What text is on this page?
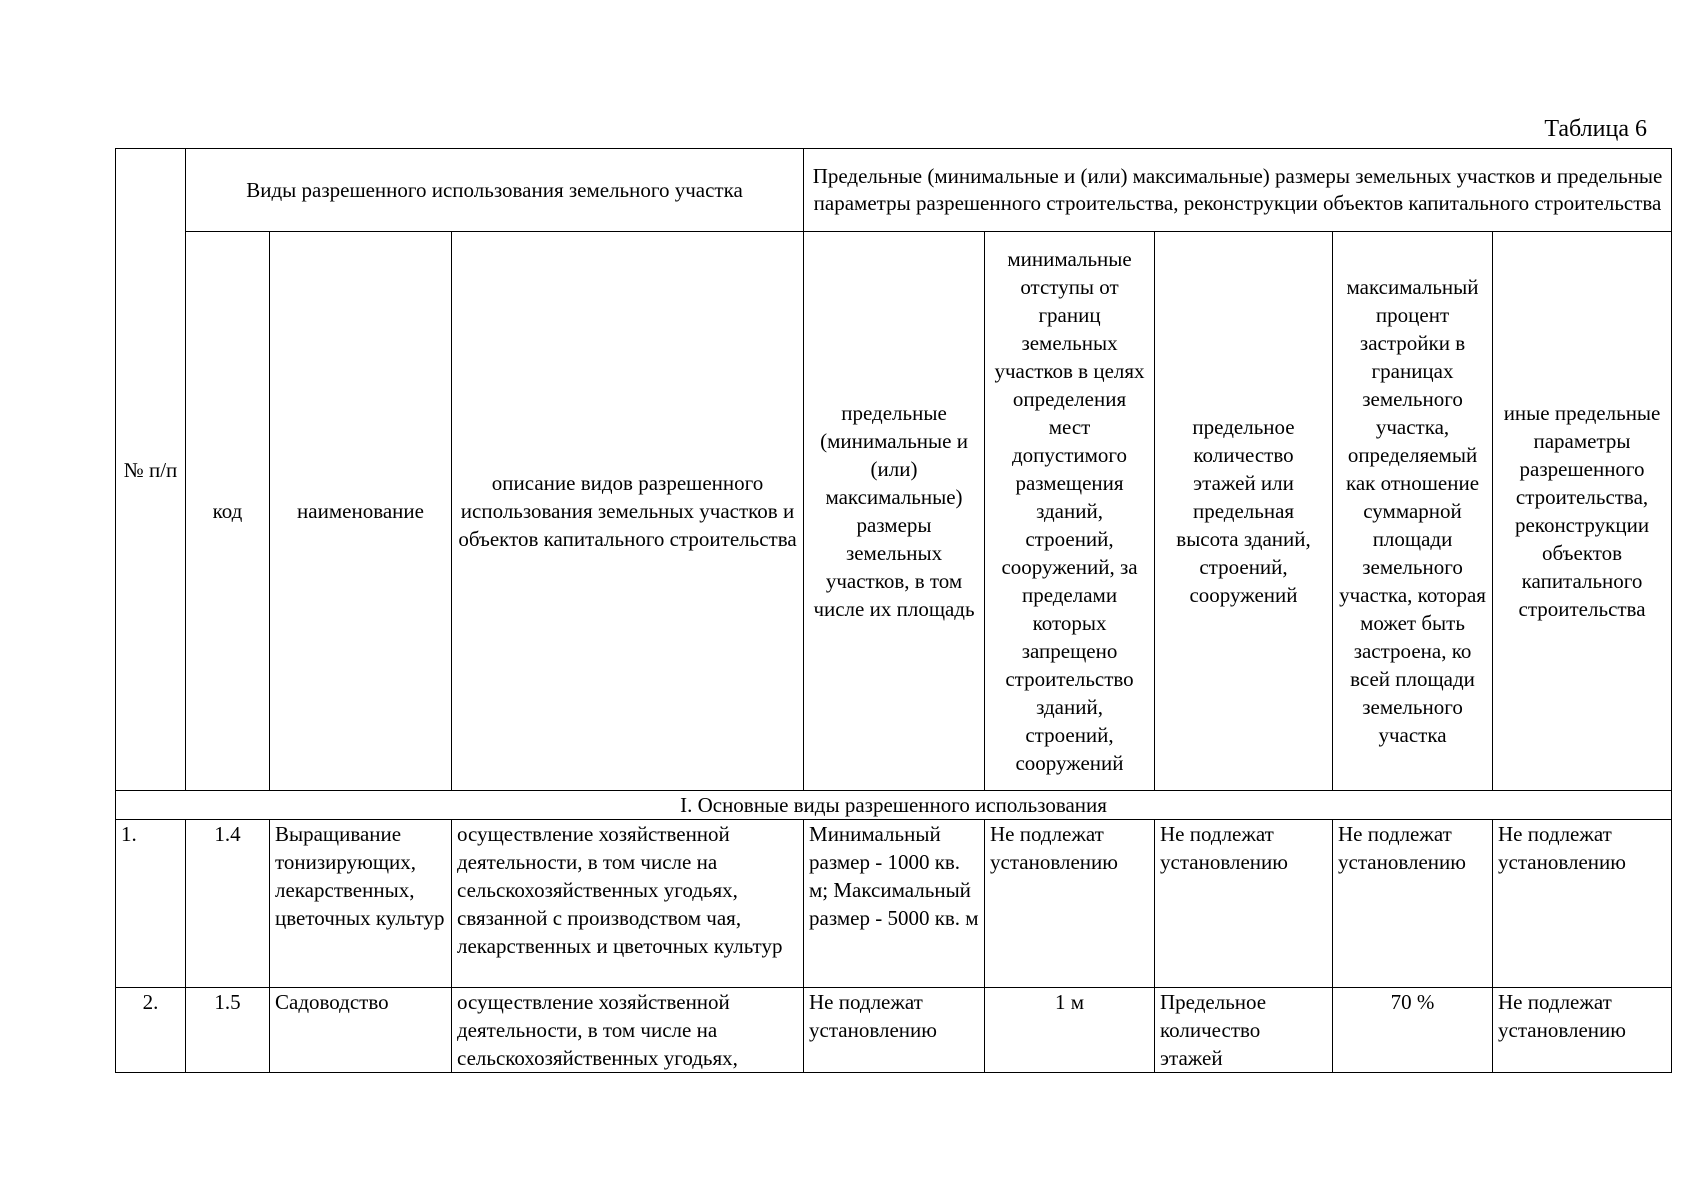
Таблица 6
№ п/п	Виды разрешенного использования земельного участка			Предельные (минимальные и (или) максимальные) размеры земельных участков и предельные параметры разрешенного строительства, реконструкции объектов капитального строительства				
	код	наименование	описание видов разрешенного использования земельных участков и объектов капитального строительства	предельные (минимальные и (или) максимальные) размеры земельных участков, в том числе их площадь	минимальные отступы от границ земельных участков в целях определения мест допустимого размещения зданий, строений, сооружений, за пределами которых запрещено строительство зданий, строений, сооружений	предельное количество этажей или предельная высота зданий, строений, сооружений	максимальный процент застройки в границах земельного участка, определяемый как отношение суммарной площади земельного участка, которая может быть застроена, ко всей площади земельного участка	иные предельные параметры разрешенного строительства, реконструкции объектов капитального строительства
I. Основные виды разрешенного использования								
1.	1.4	Выращивание тонизирующих, лекарственных, цветочных культур	осуществление хозяйственной деятельности, в том числе на сельскохозяйственных угодьях, связанной с производством чая, лекарственных и цветочных культур	Минимальный размер - 1000 кв. м; Максимальный размер - 5000 кв. м	Не подлежат установлению	Не подлежат установлению	Не подлежат установлению	Не подлежат установлению
2.	1.5	Садоводство	осуществление хозяйственной деятельности, в том числе на сельскохозяйственных угодьях,	Не подлежат установлению	1 м	Предельное количество этажей	70 %	Не подлежат установлению
